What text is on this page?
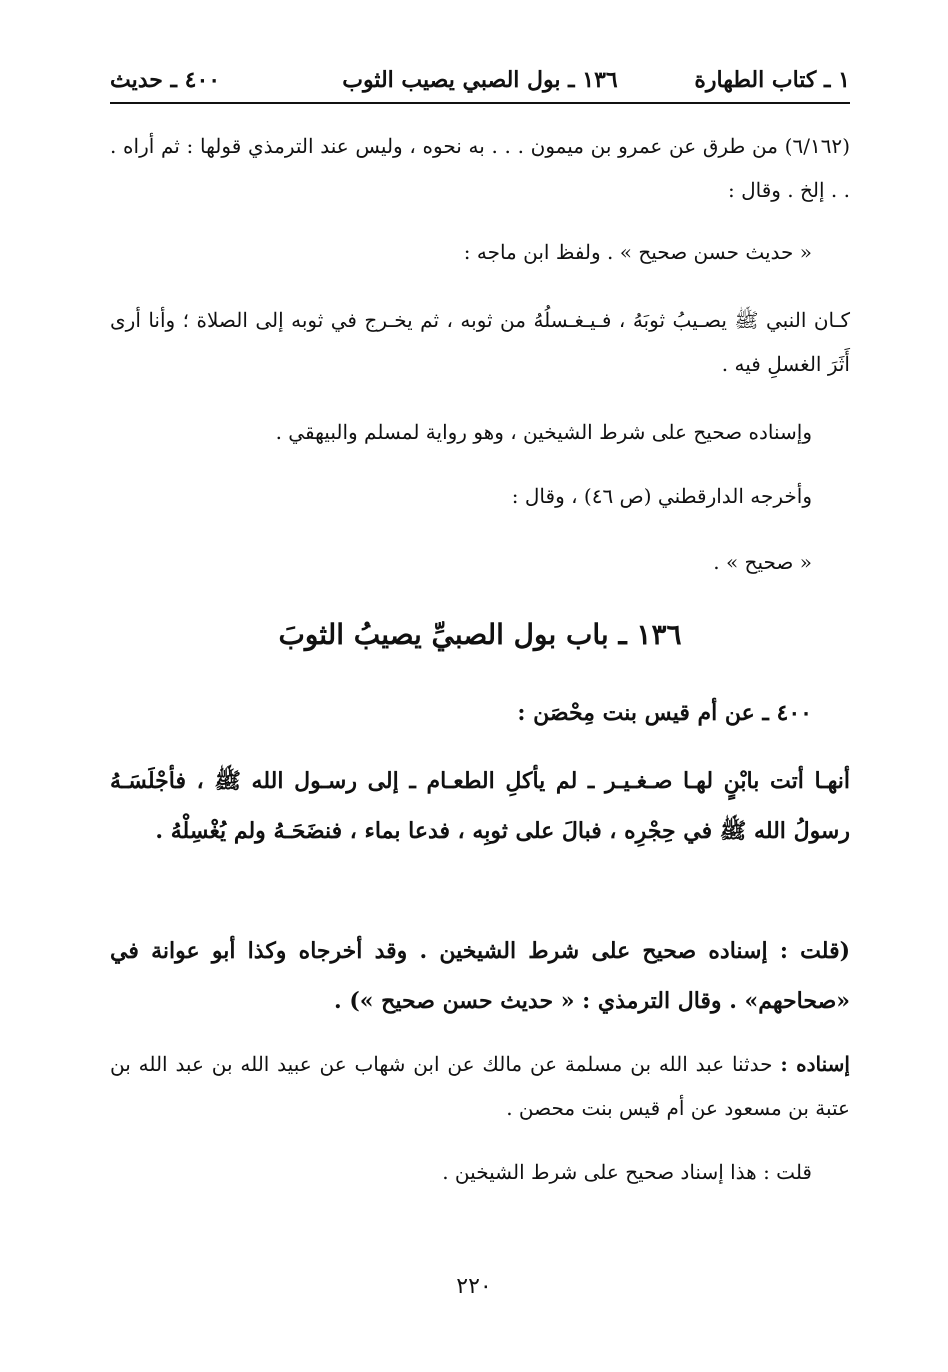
١ ـ كتاب الطهارة
١٣٦ ـ بول الصبي يصيب الثوب
٤٠٠ ـ حديث
(٦/١٦٢) من طرق عن عمرو بن ميمون . . . به نحوه ، وليس عند الترمذي قولها : ثم أراه . . . إلخ . وقال :
« حديث حسن صحيح » . ولفظ ابن ماجه :
كـان النبي ﷺ يصـيبُ ثوبَهُ ، فـيـغـسلُهُ من ثوبه ، ثم يخـرج في ثوبه إلى الصلاة ؛ وأنا أرى أَثَرَ الغسلِ فيه .
وإسناده صحيح على شرط الشيخين ، وهو رواية لمسلم والبيهقي .
وأخرجه الدارقطني (ص ٤٦) ، وقال :
« صحيح » .
١٣٦ ـ باب بول الصبيِّ يصيبُ الثوبَ
٤٠٠ ـ عن أم قيس بنت مِحْصَن :
أنهـا أتت بابْنٍ لهـا صـغـيـر ـ لم يأكلِ الطعـام ـ إلى رسـول الله ﷺ ، فأجْلَسَـهُ رسولُ الله ﷺ في حِجْرِه ، فبالَ على ثوبِه ، فدعا بماء ، فنضَحَـهُ ولم يُغْسِلْهُ .
(قلت : إسناده صحيح على شرط الشيخين . وقد أخرجاه وكذا أبو عوانة في «صحاحهم» . وقال الترمذي : « حديث حسن صحيح ») .
إسناده : حدثنا عبد الله بن مسلمة عن مالك عن ابن شهاب عن عبيد الله بن عبد الله بن عتبة بن مسعود عن أم قيس بنت محصن .
قلت : هذا إسناد صحيح على شرط الشيخين .
٢٢٠
